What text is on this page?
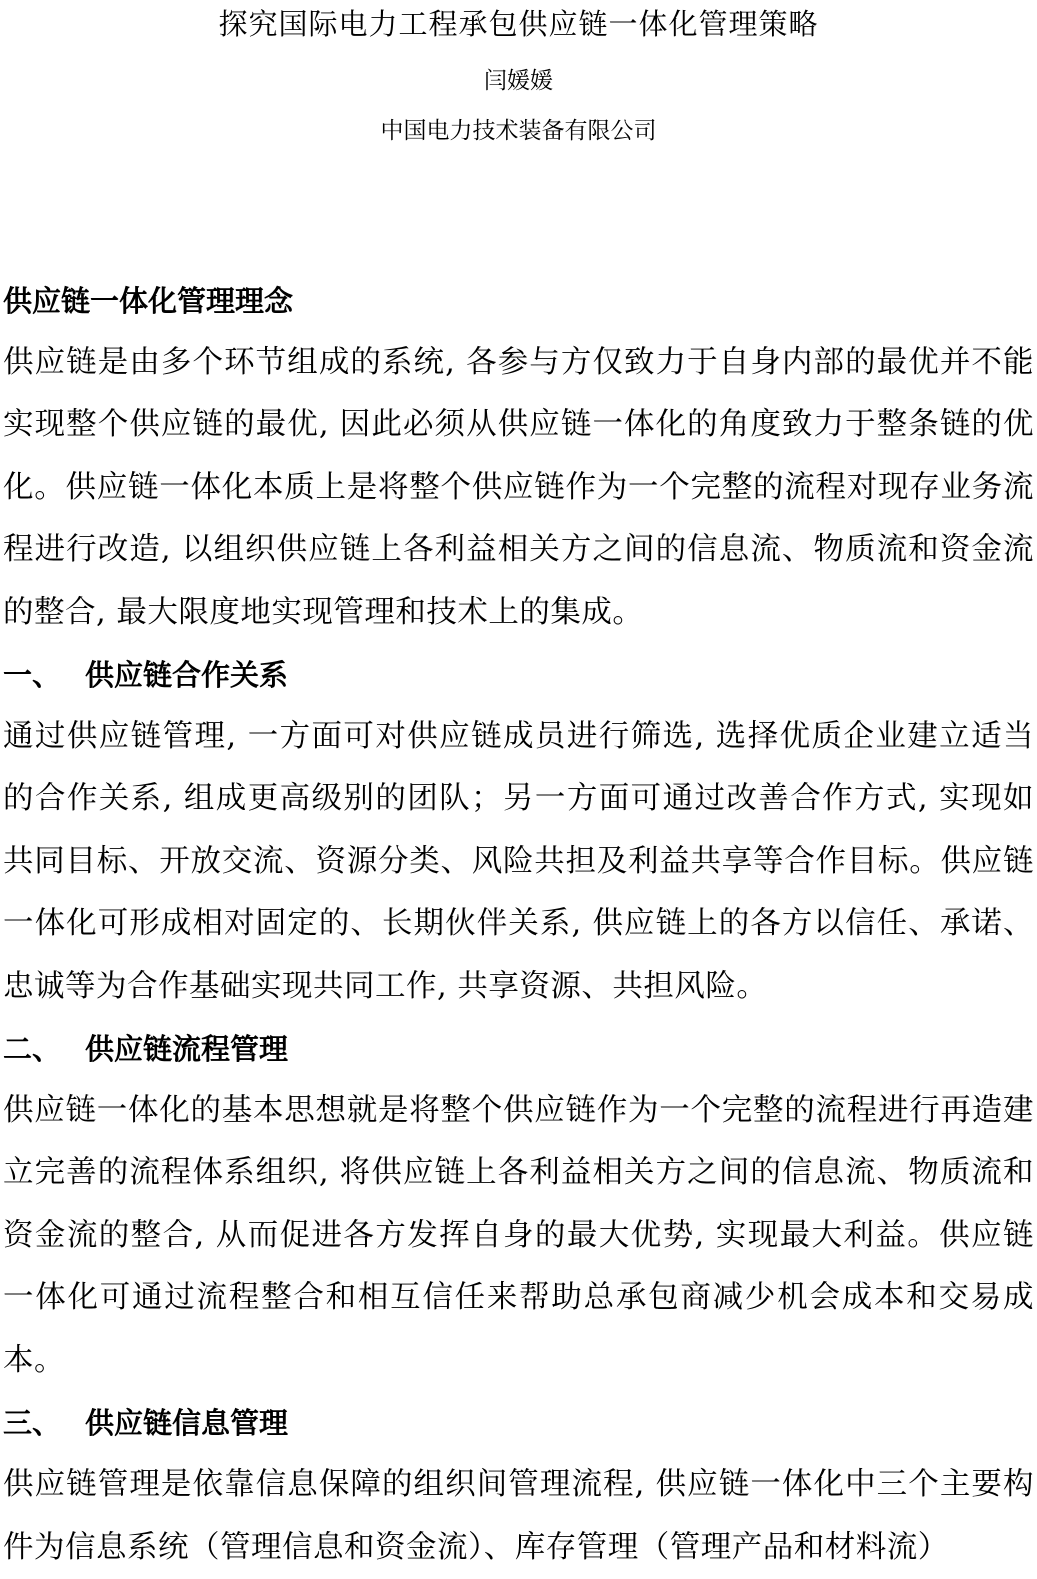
探究国际电力工程承包供应链一体化管理策略
闫媛媛
中国电力技术装备有限公司
供应链一体化管理理念

供应链是由多个环节组成的系统, 各参与方仅致力于自身内部的最优并不能实现整个供应链的最优, 因此必须从供应链一体化的角度致力于整条链的优化。供应链一体化本质上是将整个供应链作为一个完整的流程对现存业务流程进行改造, 以组织供应链上各利益相关方之间的信息流、物质流和资金流的整合, 最大限度地实现管理和技术上的集成。

一、 供应链合作关系

通过供应链管理, 一方面可对供应链成员进行筛选, 选择优质企业建立适当的合作关系, 组成更高级别的团队；另一方面可通过改善合作方式, 实现如共同目标、开放交流、资源分类、风险共担及利益共享等合作目标。供应链一体化可形成相对固定的、长期伙伴关系, 供应链上的各方以信任、承诺、忠诚等为合作基础实现共同工作, 共享资源、共担风险。

二、 供应链流程管理

供应链一体化的基本思想就是将整个供应链作为一个完整的流程进行再造建立完善的流程体系组织, 将供应链上各利益相关方之间的信息流、物质流和资金流的整合, 从而促进各方发挥自身的最大优势, 实现最大利益。供应链一体化可通过流程整合和相互信任来帮助总承包商减少机会成本和交易成本。

三、 供应链信息管理

供应链管理是依靠信息保障的组织间管理流程, 供应链一体化中三个主要构件为信息系统（管理信息和资金流）、库存管理（管理产品和材料流）
